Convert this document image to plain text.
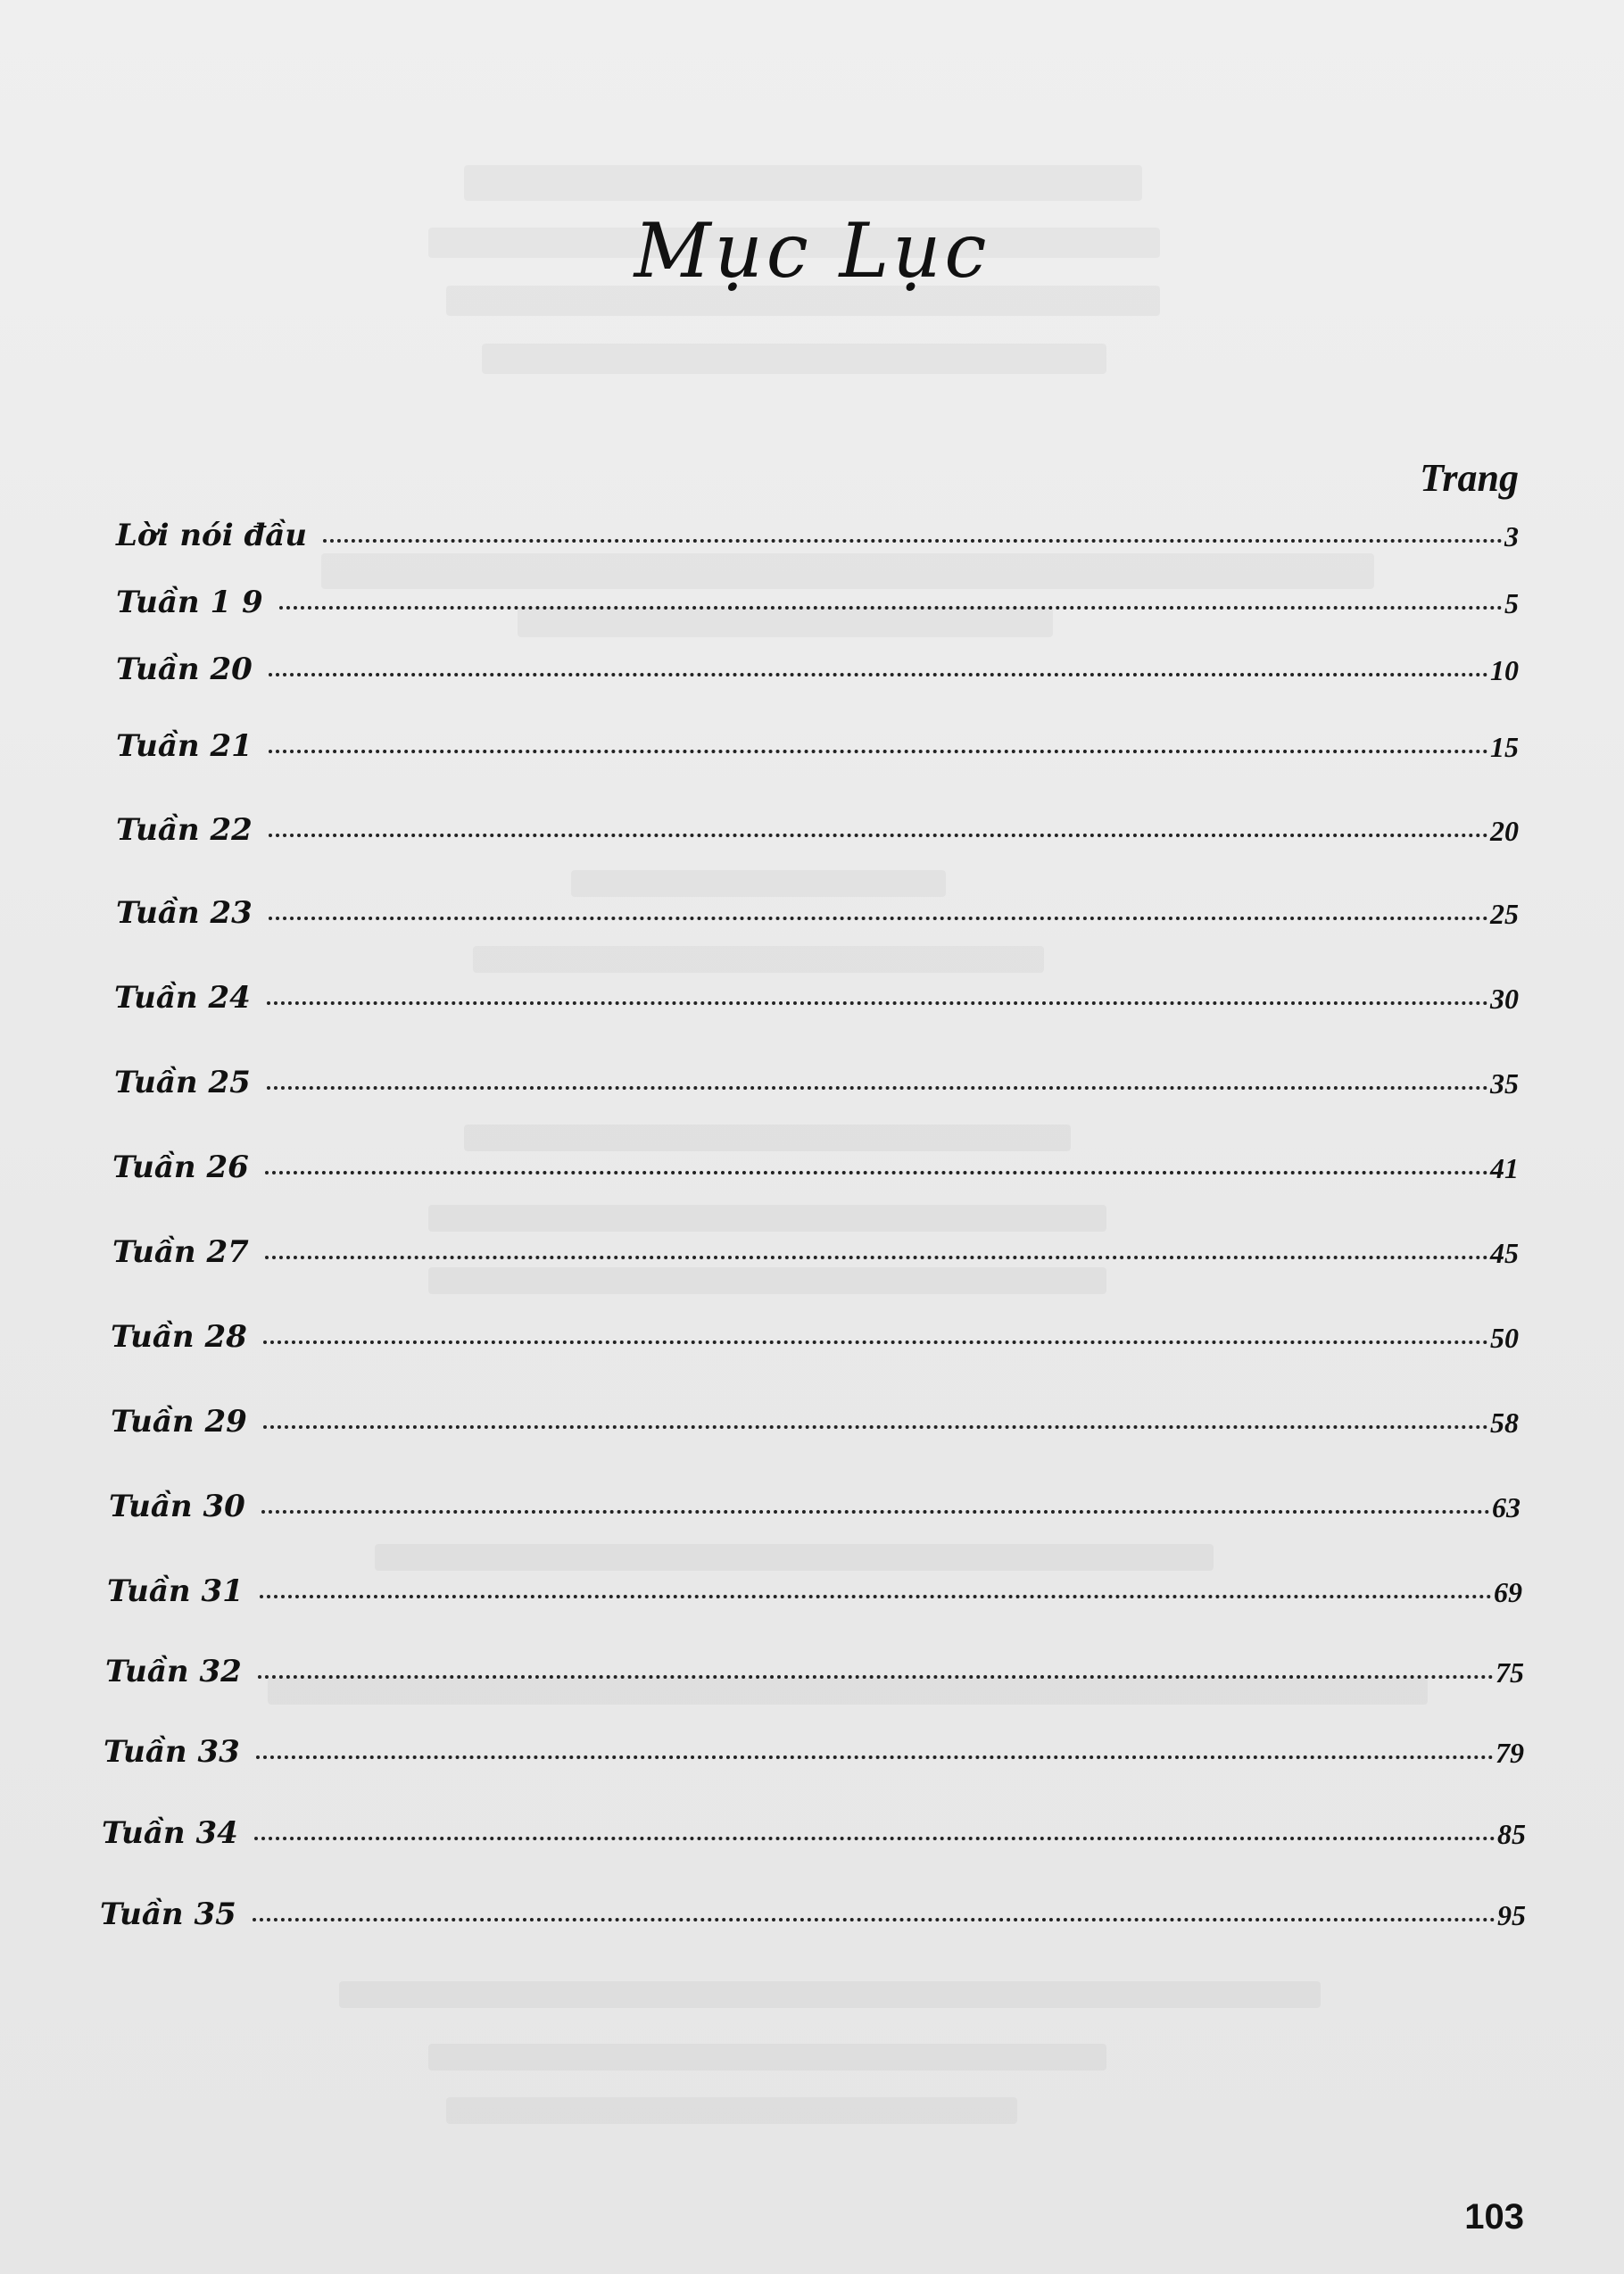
Mục Lục
Trang
Lời nói đầu	3
Tuần 1 9	5
Tuần 20	10
Tuần 21	15
Tuần 22	20
Tuần 23	25
Tuần 24	30
Tuần 25	35
Tuần 26	41
Tuần 27	45
Tuần 28	50
Tuần 29	58
Tuần 30	63
Tuần 31	69
Tuần 32	75
Tuần 33	79
Tuần 34	85
Tuần 35	95
103
